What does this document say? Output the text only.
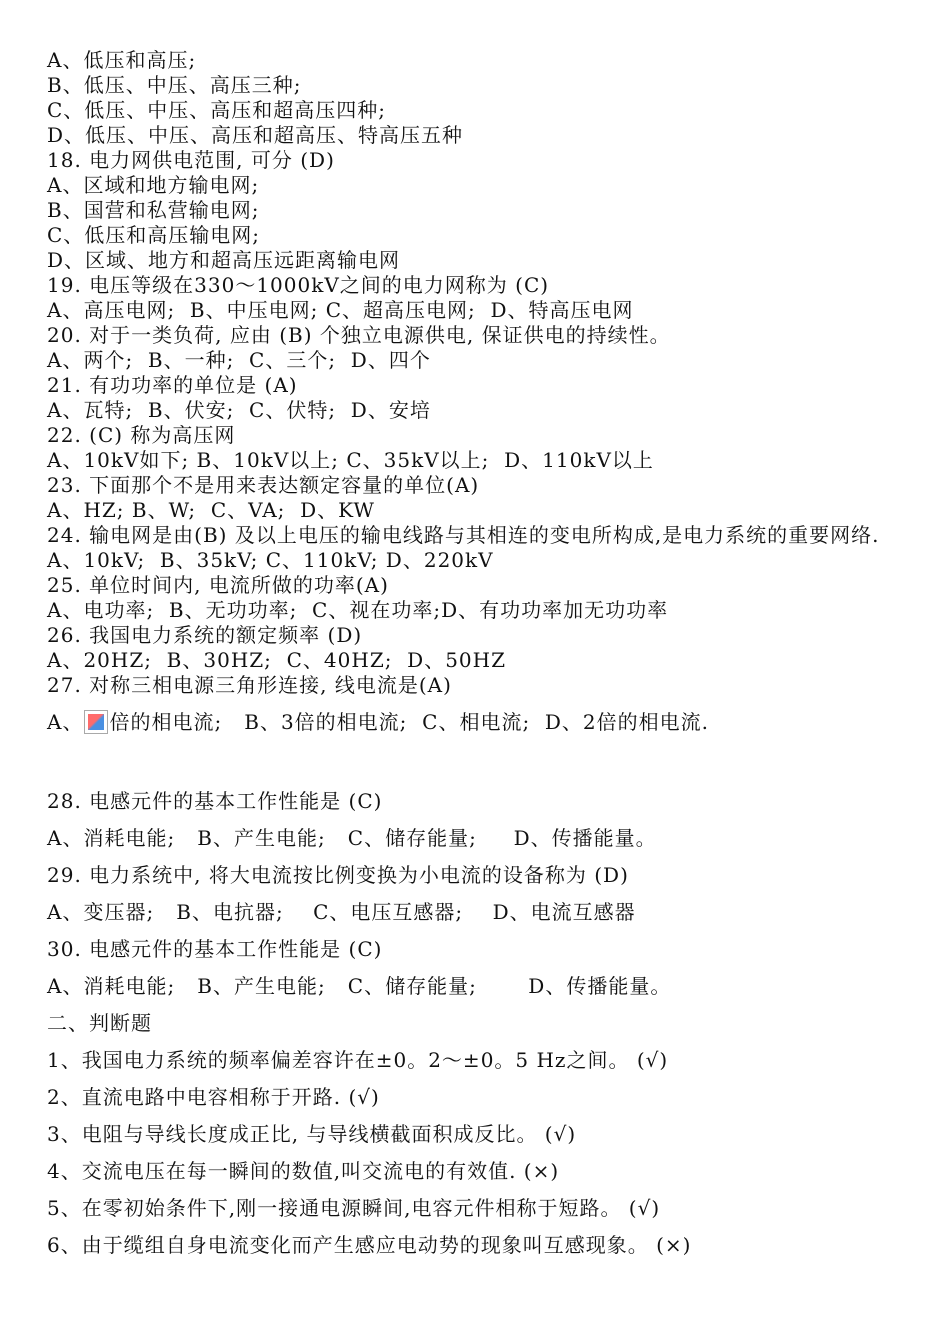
A、低压和高压;
B、低压、中压、高压三种;
C、低压、中压、高压和超高压四种;
D、低压、中压、高压和超高压、特高压五种
18. 电力网供电范围, 可分 (D)
A、区域和地方输电网;
B、国营和私营输电网;
C、低压和高压输电网;
D、区域、地方和超高压远距离输电网
19. 电压等级在330～1000kV之间的电力网称为 (C)
A、高压电网;  B、中压电网; C、超高压电网;  D、特高压电网
20. 对于一类负荷, 应由 (B) 个独立电源供电, 保证供电的持续性。
A、两个;  B、一种;  C、三个;  D、四个
21. 有功功率的单位是 (A)
A、瓦特;  B、伏安;  C、伏特;  D、安培
22. (C) 称为高压网
A、10kV如下; B、10kV以上; C、35kV以上;  D、110kV以上
23. 下面那个不是用来表达额定容量的单位(A)
A、HZ; B、W;  C、VA;  D、KW
24. 输电网是由(B) 及以上电压的输电线路与其相连的变电所构成,是电力系统的重要网络.
A、10kV;  B、35kV; C、110kV; D、220kV
25. 单位时间内, 电流所做的功率(A)
A、电功率;  B、无功功率;  C、视在功率;D、有功功率加无功功率
26. 我国电力系统的额定频率 (D)
A、20HZ;  B、30HZ;  C、40HZ;  D、50HZ
27. 对称三相电源三角形连接, 线电流是(A)
A、 倍的相电流;   B、3倍的相电流;  C、相电流;  D、2倍的相电流.
28. 电感元件的基本工作性能是 (C)
A、消耗电能;   B、产生电能;   C、储存能量;     D、传播能量。
29. 电力系统中, 将大电流按比例变换为小电流的设备称为 (D)
A、变压器;   B、电抗器;    C、电压互感器;    D、电流互感器
30. 电感元件的基本工作性能是 (C)
A、消耗电能;   B、产生电能;   C、储存能量;       D、传播能量。
二、判断题
1、我国电力系统的频率偏差容许在±0。2～±0。5 Hz之间。 (√)
2、直流电路中电容相称于开路. (√)
3、电阻与导线长度成正比, 与导线横截面积成反比。 (√)
4、交流电压在每一瞬间的数值,叫交流电的有效值. (×)
5、在零初始条件下,刚一接通电源瞬间,电容元件相称于短路。 (√)
6、由于缆组自身电流变化而产生感应电动势的现象叫互感现象。 (×)
